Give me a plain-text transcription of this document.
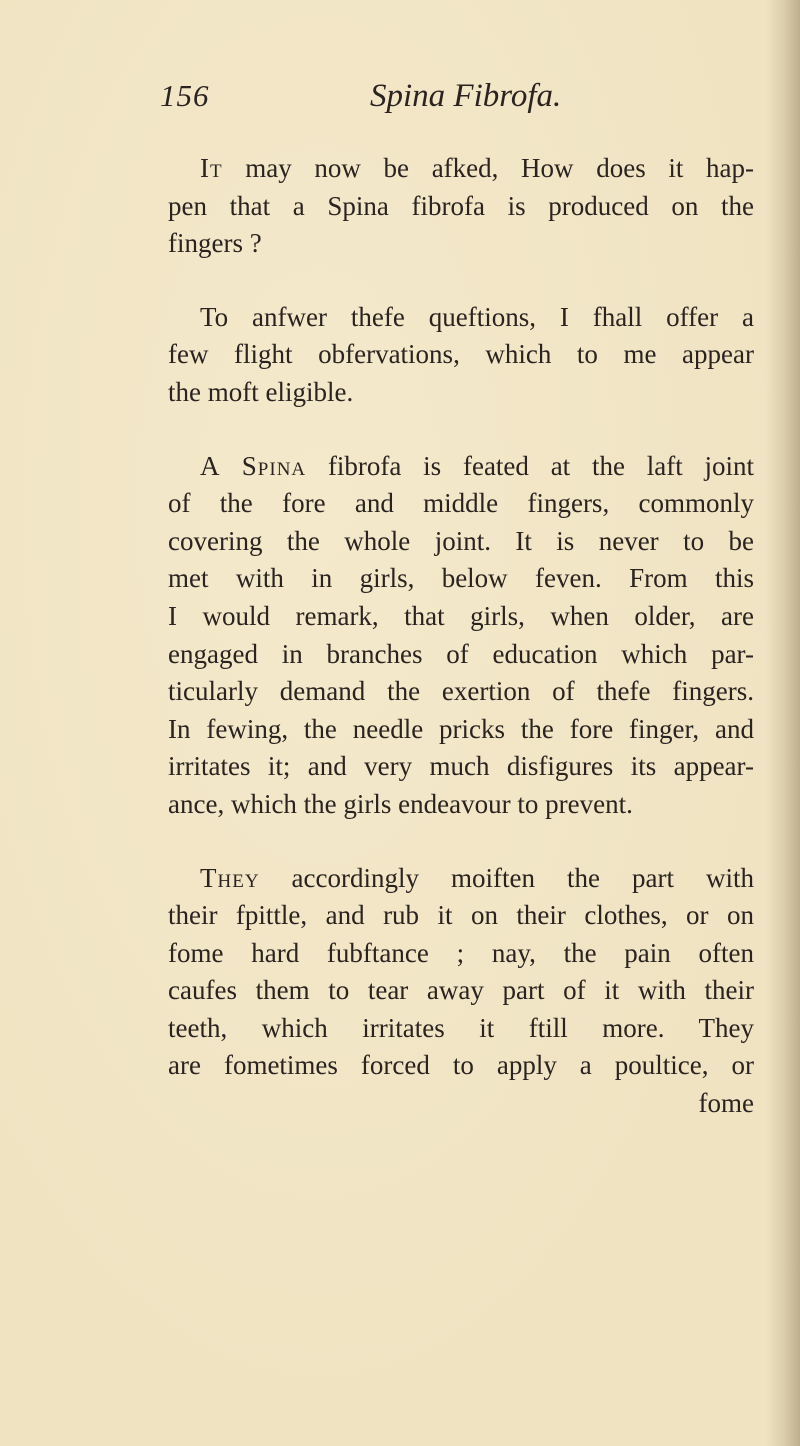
156	Spina Fibrofa.
It may now be afked, How does it hap-
pen that a Spina fibrofa is produced on the
fingers ?
To anfwer thefe queftions, I fhall offer a
few flight obfervations, which to me appear
the moft eligible.
A Spina fibrofa is feated at the laft joint
of the fore and middle fingers, commonly
covering the whole joint. It is never to be
met with in girls, below feven. From this
I would remark, that girls, when older, are
engaged in branches of education which par-
ticularly demand the exertion of thefe fingers.
In fewing, the needle pricks the fore finger, and
irritates it; and very much disfigures its appear-
ance, which the girls endeavour to prevent.
They accordingly moiften the part with
their fpittle, and rub it on their clothes, or on
fome hard fubftance ; nay, the pain often
caufes them to tear away part of it with their
teeth, which irritates it ftill more. They
are fometimes forced to apply a poultice, or
fome
